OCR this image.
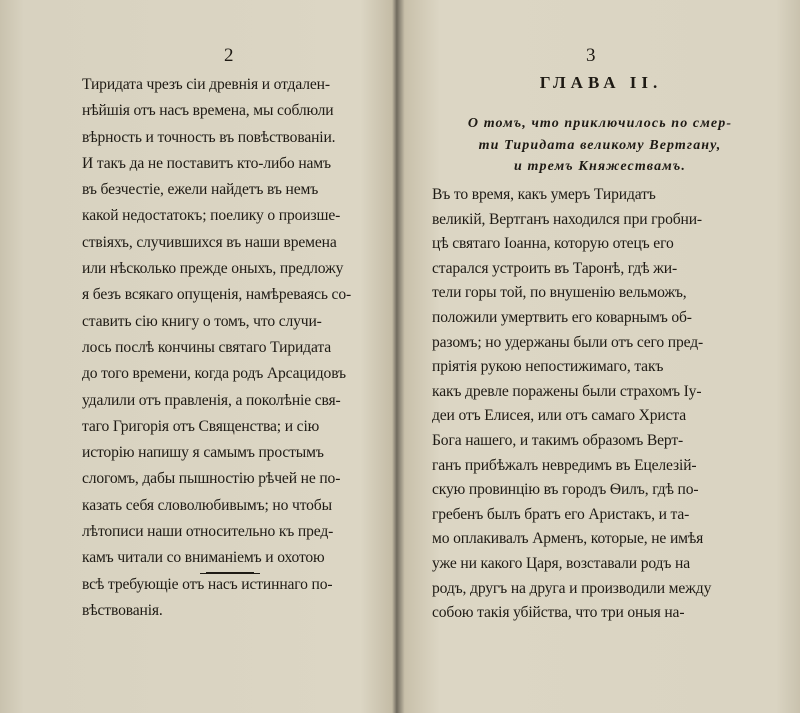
2
Тиридата чрезъ сіи древнія и отдален-
нѣйшія отъ насъ времена, мы соблюли
вѣрность и точность въ повѣствованіи.
И такъ да не поставитъ кто-либо намъ
въ безчестіе, ежели найдетъ въ немъ
какой недостатокъ; поелику о произше-
ствіяхъ, случившихся въ наши времена
или нѣсколько прежде оныхъ, предложу
я безъ всякаго опущенія, намѣреваясь со-
ставить сію книгу о томъ, что случи-
лось послѣ кончины святаго Тиридата
до того времени, когда родъ Арсацидовъ
удалили отъ правленія, а поколѣніе свя-
таго Григорія отъ Священства; и сію
исторію напишу я самымъ простымъ
слогомъ, дабы пышностію рѣчей не по-
казать себя словолюбивымъ; но чтобы
лѣтописи наши относительно къ пред-
камъ читали со вниманіемъ и охотою
всѣ требующіе отъ насъ истиннаго по-
вѣствованія.
3
ГЛАВА II.
О томъ, что приключилось по смер-
ти Тиридата великому Вертгану,
и тремъ Княжествамъ.
Въ то время, какъ умеръ Тиридатъ
великій, Вертганъ находился при гробни-
цѣ святаго Іоанна, которую отецъ его
старался устроить въ Таронѣ, гдѣ жи-
тели горы той, по внушенію вельможъ,
положили умертвить его коварнымъ об-
разомъ; но удержаны были отъ сего пред-
пріятія рукою непостижимаго, такъ
какъ древле поражены были страхомъ Іу-
деи отъ Елисея, или отъ самаго Христа
Бога нашего, и такимъ образомъ Верт-
ганъ прибѣжалъ невредимъ въ Ецелезій-
скую провинцію въ городъ Ѳилъ, гдѣ по-
гребенъ былъ братъ его Аристакъ, и та-
мо оплакивалъ Арменъ, которые, не имѣя
уже ни какого Царя, возставали родъ на
родъ, другъ на друга и производили между
собою такія убійства, что три оныя на-
